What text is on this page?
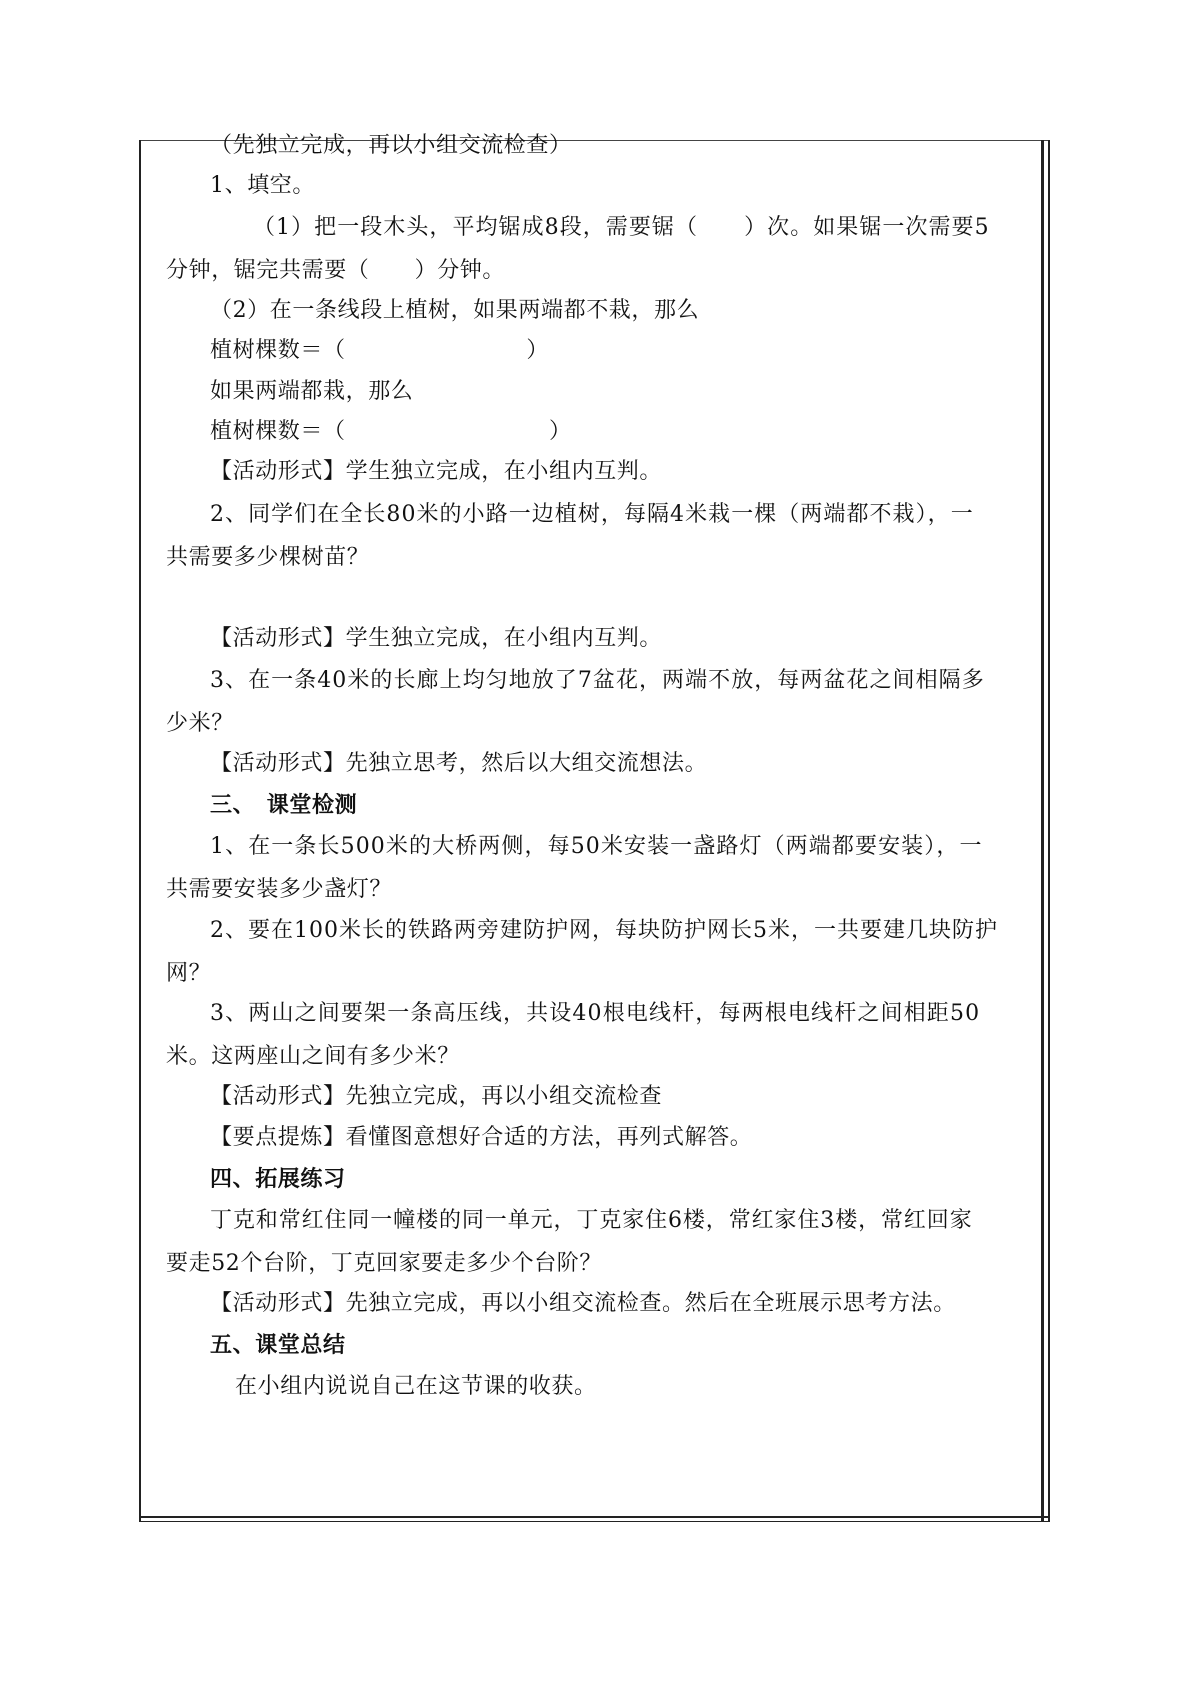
（先独立完成，再以小组交流检查）
1、填空。
（1）把一段木头，平均锯成8段，需要锯（　　）次。如果锯一次需要5
分钟，锯完共需要（　　）分钟。
（2）在一条线段上植树，如果两端都不栽，那么
植树棵数＝（　　　　　　　　）
如果两端都栽，那么
植树棵数＝（　　　　　　　　　）
【活动形式】学生独立完成，在小组内互判。
2、同学们在全长80米的小路一边植树，每隔4米栽一棵（两端都不栽），一
共需要多少棵树苗？
【活动形式】学生独立完成，在小组内互判。
3、在一条40米的长廊上均匀地放了7盆花，两端不放，每两盆花之间相隔多
少米？
【活动形式】先独立思考，然后以大组交流想法。
三、　课堂检测
1、在一条长500米的大桥两侧，每50米安装一盏路灯（两端都要安装），一
共需要安装多少盏灯？
2、要在100米长的铁路两旁建防护网，每块防护网长5米，一共要建几块防护
网？
3、两山之间要架一条高压线，共设40根电线杆，每两根电线杆之间相距50
米。这两座山之间有多少米？
【活动形式】先独立完成，再以小组交流检查
【要点提炼】看懂图意想好合适的方法，再列式解答。
四、拓展练习
丁克和常红住同一幢楼的同一单元，丁克家住6楼，常红家住3楼，常红回家
要走52个台阶，丁克回家要走多少个台阶？
【活动形式】先独立完成，再以小组交流检查。然后在全班展示思考方法。
五、课堂总结
在小组内说说自己在这节课的收获。
